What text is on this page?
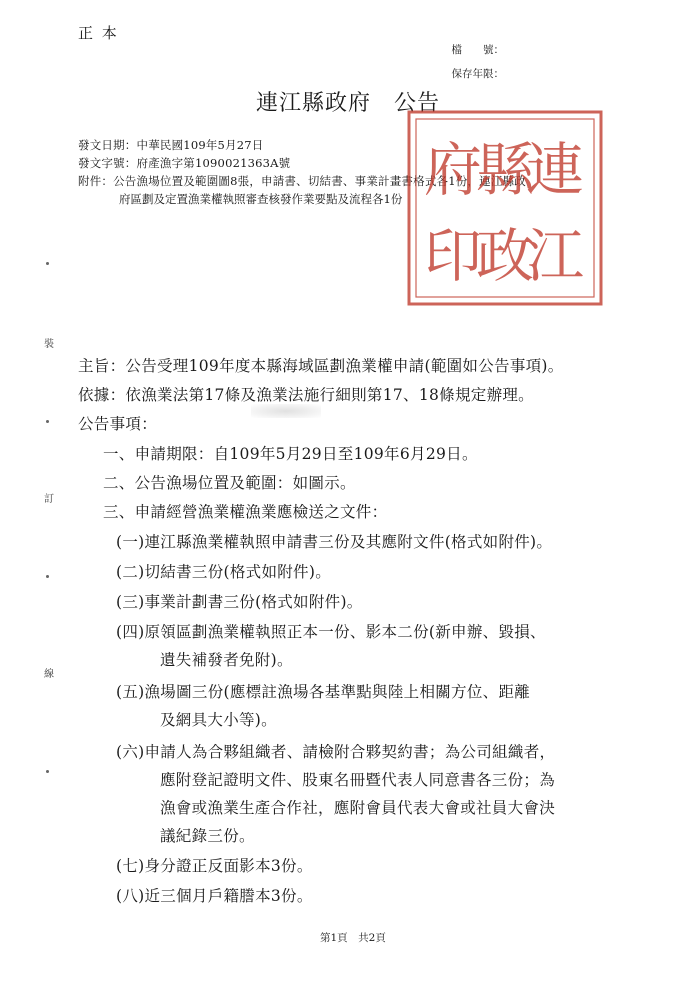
正 本
檔　　號：
保存年限：
連江縣政府　公告
發文日期：中華民國109年5月27日
發文字號：府產漁字第1090021363A號
附件：公告漁場位置及範圍圖8張，申請書、切結書、事業計畫書格式各1份，連江縣政
府區劃及定置漁業權執照審查核發作業要點及流程各1份 連
縣
府
江
政
印
裝
訂
線
主旨：公告受理109年度本縣海域區劃漁業權申請(範圍如公告事項)。
依據：依漁業法第17條及漁業法施行細則第17、18條規定辦理。
公告事項：
一、申請期限：自109年5月29日至109年6月29日。
二、公告漁場位置及範圍：如圖示。
三、申請經營漁業權漁業應檢送之文件：
(一)連江縣漁業權執照申請書三份及其應附文件(格式如附件)。
(二)切結書三份(格式如附件)。
(三)事業計劃書三份(格式如附件)。
(四)原領區劃漁業權執照正本一份、影本二份(新申辦、毀損、
遺失補發者免附)。
(五)漁場圖三份(應標註漁場各基準點與陸上相關方位、距離
及網具大小等)。
(六)申請人為合夥組織者、請檢附合夥契約書；為公司組織者，
應附登記證明文件、股東名冊暨代表人同意書各三份；為
漁會或漁業生產合作社，應附會員代表大會或社員大會決
議紀錄三份。
(七)身分證正反面影本3份。
(八)近三個月戶籍謄本3份。
第1頁　共2頁
